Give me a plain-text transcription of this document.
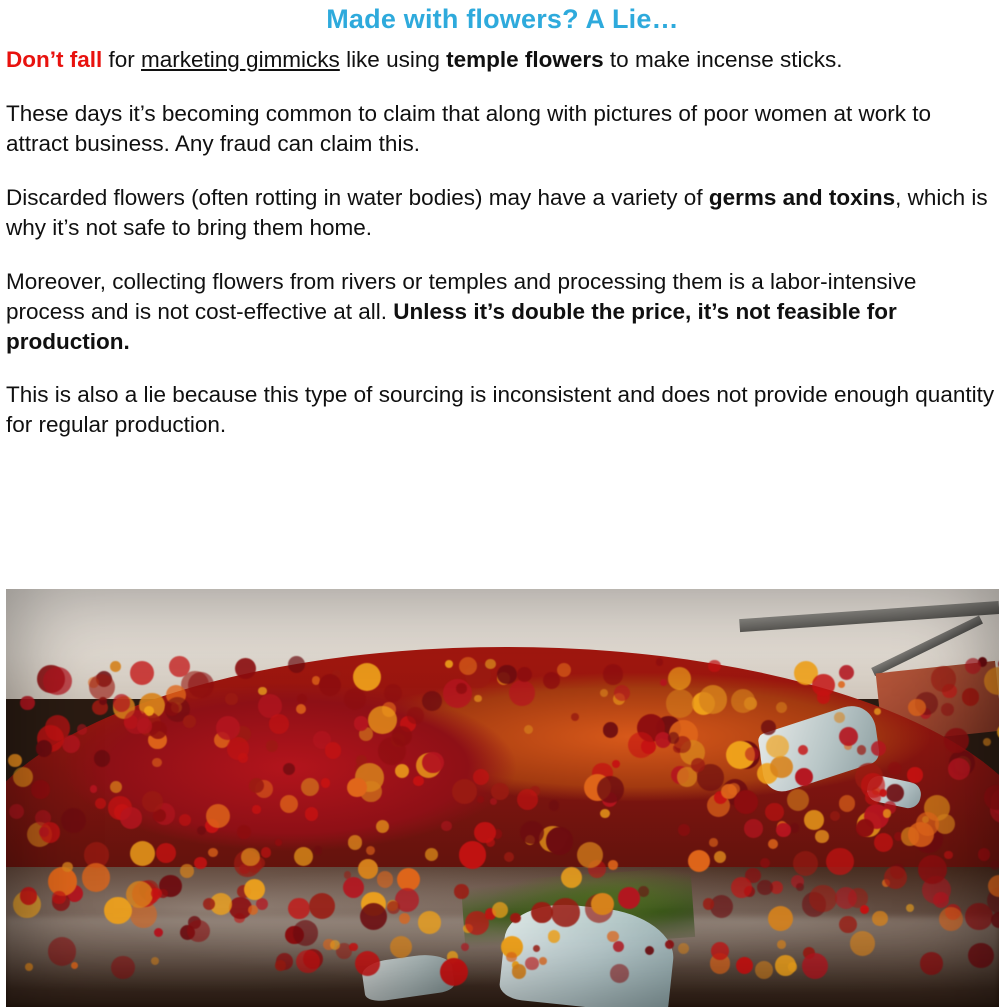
Made with flowers? A Lie…

Don’t fall for marketing gimmicks like using temple flowers to make incense sticks.

These days it’s becoming common to claim that along with pictures of poor women at work to attract business. Any fraud can claim this.

Discarded flowers (often rotting in water bodies) may have a variety of germs and toxins, which is why it’s not safe to bring them home.

Moreover, collecting flowers from rivers or temples and processing them is a labor-intensive process and is not cost-effective at all. Unless it’s double the price, it’s not feasible for production.

This is also a lie because this type of sourcing is inconsistent and does not provide enough quantity for regular production.
